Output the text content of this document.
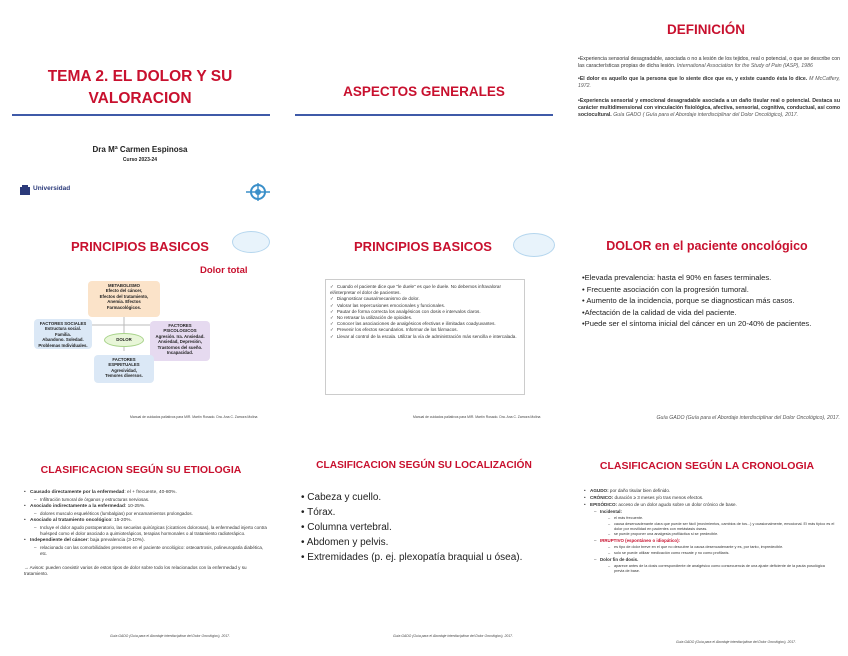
TEMA 2. EL DOLOR Y SU VALORACION
Dra Mª Carmen Espinosa
Curso 2023-24
Universidad
ASPECTOS GENERALES
DEFINICIÓN
•Experiencia sensorial desagradable, asociada o no a lesión de los tejidos, real o potencial, o que se describe con las características propias de dicha lesión. International Association for the Study of Pain (IASP), 1986
•El dolor es aquello que la persona que lo siente dice que es, y existe cuando ésta lo dice. M McCaffery, 1972.
•Experiencia sensorial y emocional desagradable asociada a un daño tisular real o potencial. Destaca su carácter multidimensional con vinculación fisiológica, afectiva, sensorial, cognitiva, conductual, así como sociocultural. Guía GADO ( Guía para el Abordaje interdisciplinar del Dolor Oncológico), 2017.
PRINCIPIOS BASICOS
Dolor total
METABOLISMO
Efecto del cáncer,
Efectos del tratamiento,
Anemia. Efectos
Farmacológicos.
FACTORES SOCIALES
Estructura social. Familia.
Abandono. Soledad.
Problemas Individuales.
DOLOR
FACTORES
PSICOLOGICOS
Agresión. Ira. Ansiedad.
Ansiedad, Depresión,
Trastornos del sueño.
Incapacidad.
FACTORES
ESPIRITUALES
Agresividad,
Temores diversos.
Manual de cuidados paliativos para MIR. Martín Rosado. Dra. Ana C. Zamora Molina
PRINCIPIOS BASICOS
✓ Cuando el paciente dice que "le duele" es que le duele. No debemos infravalorar el/interpretar el dolor de pacientes.
✓ Diagnosticar causa/mecanismo de dolor.
✓ Valorar las repercusiones emocionales y funcionales.
✓ Pautar de forma correcta los analgésicos con dosis e intervalos claros.
✓ No retrasar la utilización de opioides.
✓ Conocer las asociaciones de analgésicos efectivas e ilimitadas coadyuvantes.
✓ Prevenir los efectos secundarios. Informar de los fármacos.
✓ Llevar al control de la escala. Utilizar la vía de administración más sencilla e intercalada.
Manual de cuidados paliativos para MIR. Martín Rosado. Dra. Ana C. Zamora Molina
DOLOR en el paciente oncológico
•Elevada prevalencia: hasta el 90% en fases terminales.
• Frecuente asociación con la progresión tumoral.
• Aumento de la incidencia, porque se diagnostican más casos.
•Afectación de la calidad de vida del paciente.
•Puede ser el síntoma inicial del cáncer en un 20-40% de pacientes.
Guía GADO (Guía para el Abordaje interdisciplinar del Dolor Oncológico), 2017.
CLASIFICACION SEGÚN SU ETIOLOGIA
• Causado directamente por la enfermedad: el + frecuente, 40-80%.
– Infiltración tumoral de órganos y estructuras nerviosas.
• Asociado indirectamente a la enfermedad: 10-25%.
– dolores musculo esqueléticos (lumbalgias) por encamamientos prolongados.
• Asociado al tratamiento oncológico: 15-20%.
– Incluye el dolor agudo postoperatorio, las secuelas quirúrgicas (cicatrices dolorosas), la enfermedad injerto contra huésped como el dolor asociado a quimioterápicos, terapias hormonales o al tratamiento radioterápico.
• Independiente del cáncer: baja prevalencia (3-10%).
– relacionado con las comorbilidades presentes en el paciente oncológico: osteoartrosis, polineuropatía diabética, etc.
→ Avisos: pueden coexistir varios de estos tipos de dolor sobre todo los relacionados con la enfermedad y su tratamiento.
Guía GADO (Guía para el Abordaje interdisciplinar del Dolor Oncológico), 2017.
CLASIFICACION SEGÚN SU LOCALIZACIÓN
• Cabeza y cuello.
• Tórax.
• Columna vertebral.
• Abdomen y pelvis.
• Extremidades (p. ej. plexopatía braquial u ósea).
Guía GADO (Guía para el Abordaje interdisciplinar del Dolor Oncológico), 2017.
CLASIFICACION SEGÚN LA CRONOLOGIA
• AGUDO: por daño tisular bien definido.
• CRÓNICO: duración ≥ 3 meses y/o tras menos efectos.
• EPISÓDICO: acceso de un dolor agudo sobre un dolor crónico de base.
– Incidental:
– el más frecuente.
– causa desencadenante clara que puede ser fácil (movimientos, cambios de tos...) y ocasionalmente, emocional. El más típico es el dolor por movilidad en pacientes con metástasis óseas.
– se puede proponer una analgesia profiláctica si se predecible.
– IRRUPTIVO (espontáneo o idiopático):
– es tipo de dolor breve en el que no descubre la causa desencadenante y es, por tanto, impredecible.
– solo se puede utilizar medicación como rescate y no como profilaxis.
– Dolor fin de dosis.
– aparece antes de la dosis correspondiente de analgésico como consecuencia de una ajuste deficiente de la pauta posológica previa de base.
Guía GADO (Guía para el Abordaje interdisciplinar del Dolor Oncológico), 2017.
